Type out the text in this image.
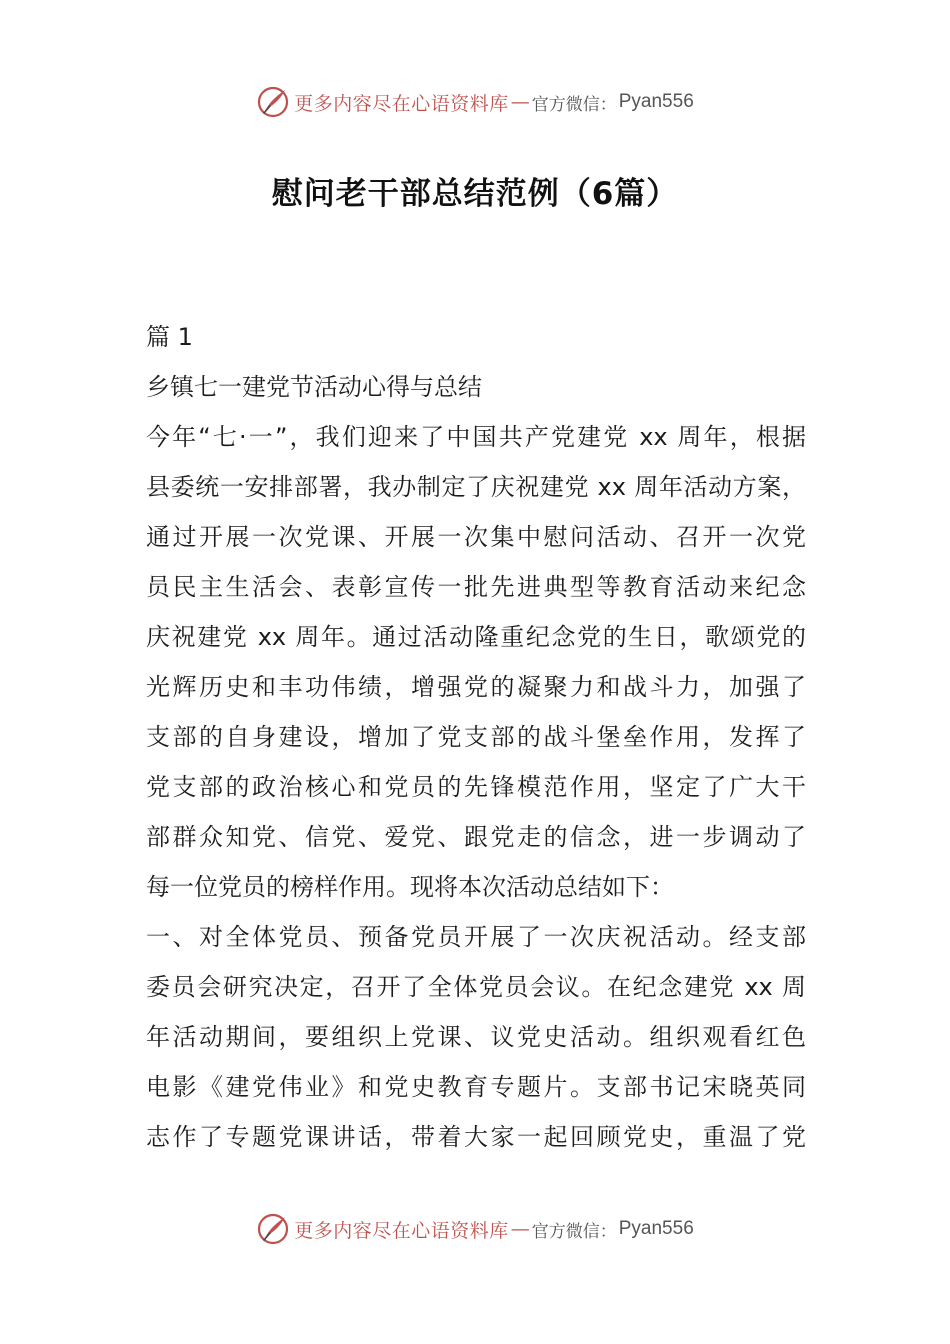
更多内容尽在心语资料库 — 官方微信： Pyan556
慰问老干部总结范例（6篇）
篇 1
乡镇七一建党节活动心得与总结
今年“七·一”，我们迎来了中国共产党建党 xx 周年，根据
县委统一安排部署，我办制定了庆祝建党 xx 周年活动方案，
通过开展一次党课、开展一次集中慰问活动、召开一次党
员民主生活会、表彰宣传一批先进典型等教育活动来纪念
庆祝建党 xx 周年。通过活动隆重纪念党的生日，歌颂党的
光辉历史和丰功伟绩，增强党的凝聚力和战斗力，加强了
支部的自身建设，增加了党支部的战斗堡垒作用，发挥了
党支部的政治核心和党员的先锋模范作用，坚定了广大干
部群众知党、信党、爱党、跟党走的信念，进一步调动了
每一位党员的榜样作用。现将本次活动总结如下：
一、对全体党员、预备党员开展了一次庆祝活动。经支部
委员会研究决定，召开了全体党员会议。在纪念建党 xx 周
年活动期间，要组织上党课、议党史活动。组织观看红色
电影《建党伟业》和党史教育专题片。支部书记宋晓英同
志作了专题党课讲话，带着大家一起回顾党史，重温了党
更多内容尽在心语资料库 — 官方微信： Pyan556
